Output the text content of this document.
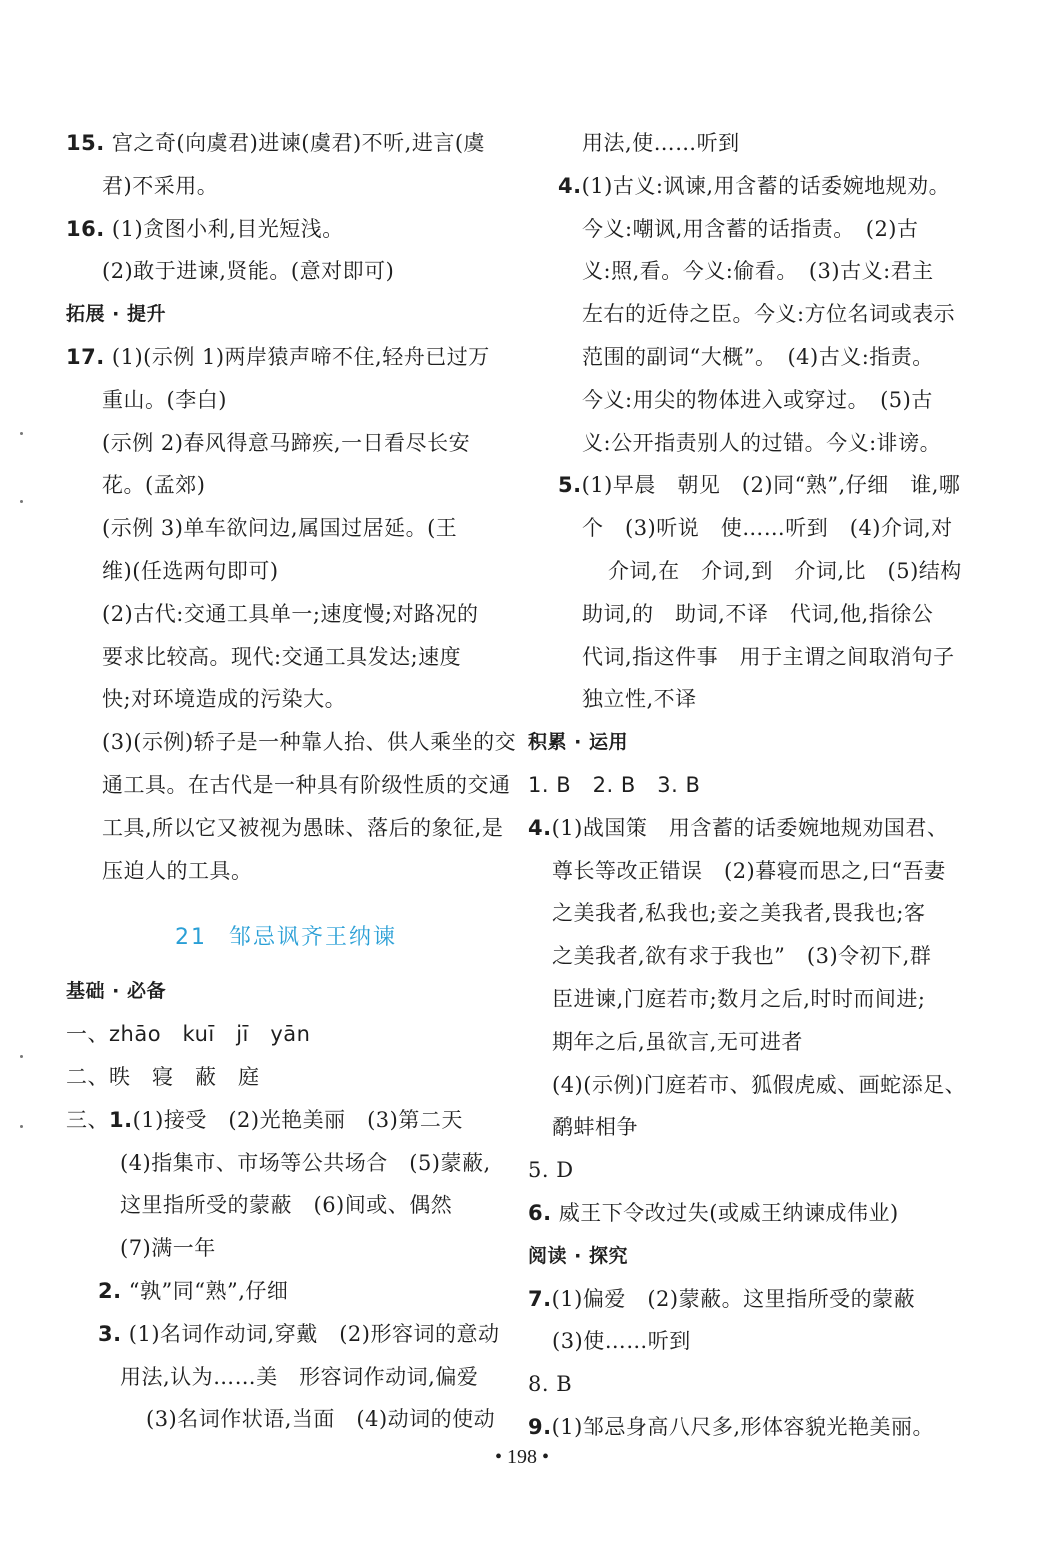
15. 宫之奇(向虞君)进谏(虞君)不听,进言(虞
君)不采用。
16. (1)贪图小利,目光短浅。
(2)敢于进谏,贤能。(意对即可)
拓展 · 提升
17. (1)(示例 1)两岸猿声啼不住,轻舟已过万
重山。(李白)
(示例 2)春风得意马蹄疾,一日看尽长安
花。(孟郊)
(示例 3)单车欲问边,属国过居延。(王
维)(任选两句即可)
(2)古代:交通工具单一;速度慢;对路况的
要求比较高。现代:交通工具发达;速度
快;对环境造成的污染大。
(3)(示例)轿子是一种靠人抬、供人乘坐的交
通工具。在古代是一种具有阶级性质的交通
工具,所以它又被视为愚昧、落后的象征,是
压迫人的工具。
21 邹忌讽齐王纳谏
基础 · 必备
一、zhāo　kuī　jī　yān
二、昳　寝　蔽　庭
三、1.(1)接受　(2)光艳美丽　(3)第二天
(4)指集市、市场等公共场合　(5)蒙蔽,
这里指所受的蒙蔽　(6)间或、偶然
(7)满一年
2. “孰”同“熟”,仔细
3. (1)名词作动词,穿戴　(2)形容词的意动
用法,认为……美　形容词作动词,偏爱
(3)名词作状语,当面　(4)动词的使动
用法,使……听到
4.(1)古义:讽谏,用含蓄的话委婉地规劝。
今义:嘲讽,用含蓄的话指责。　(2)古
义:照,看。今义:偷看。　(3)古义:君主
左右的近侍之臣。今义:方位名词或表示
范围的副词“大概”。　(4)古义:指责。
今义:用尖的物体进入或穿过。　(5)古
义:公开指责别人的过错。今义:诽谤。
5.(1)早晨　朝见　(2)同“熟”,仔细　谁,哪
个　(3)听说　使……听到　(4)介词,对
介词,在　介词,到　介词,比　(5)结构
助词,的　助词,不译　代词,他,指徐公
代词,指这件事　用于主谓之间取消句子
独立性,不译
积累 · 运用
1. B　2. B　3. B
4.(1)战国策　用含蓄的话委婉地规劝国君、
尊长等改正错误　(2)暮寝而思之,曰“吾妻
之美我者,私我也;妾之美我者,畏我也;客
之美我者,欲有求于我也”　(3)令初下,群
臣进谏,门庭若市;数月之后,时时而间进;
期年之后,虽欲言,无可进者
(4)(示例)门庭若市、狐假虎威、画蛇添足、
鹬蚌相争
5. D
6. 威王下令改过失(或威王纳谏成伟业)
阅读 · 探究
7.(1)偏爱　(2)蒙蔽。这里指所受的蒙蔽
(3)使……听到
8. B
9.(1)邹忌身高八尺多,形体容貌光艳美丽。
• 198 •
